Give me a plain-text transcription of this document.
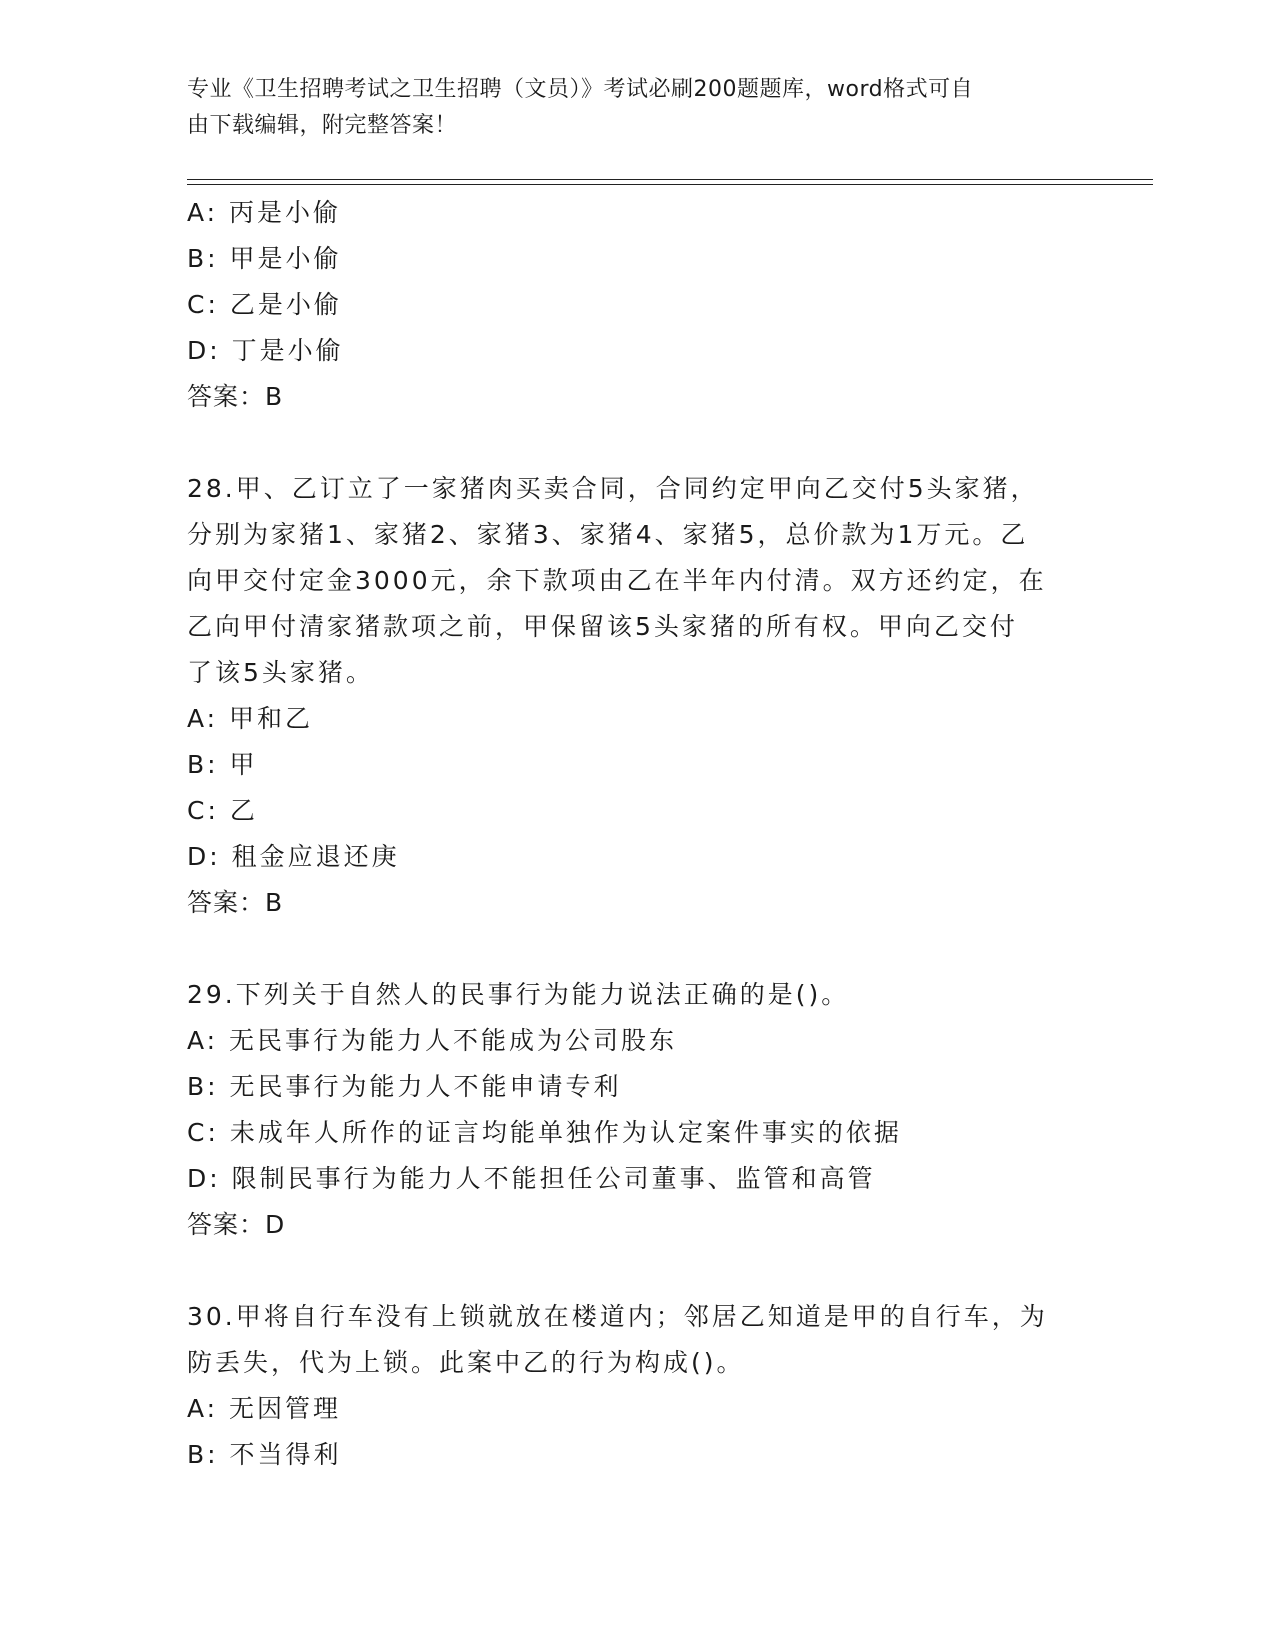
专业《卫生招聘考试之卫生招聘（文员）》考试必刷200题题库，word格式可自
由下载编辑，附完整答案！
A: 丙是小偷
B: 甲是小偷
C: 乙是小偷
D: 丁是小偷
答案：B
28.甲、乙订立了一家猪肉买卖合同，合同约定甲向乙交付5头家猪，
分别为家猪1、家猪2、家猪3、家猪4、家猪5，总价款为1万元。乙
向甲交付定金3000元，余下款项由乙在半年内付清。双方还约定，在
乙向甲付清家猪款项之前，甲保留该5头家猪的所有权。甲向乙交付
了该5头家猪。
A: 甲和乙
B: 甲
C: 乙
D: 租金应退还庚
答案：B
29.下列关于自然人的民事行为能力说法正确的是()。
A: 无民事行为能力人不能成为公司股东
B: 无民事行为能力人不能申请专利
C: 未成年人所作的证言均能单独作为认定案件事实的依据
D: 限制民事行为能力人不能担任公司董事、监管和高管
答案：D
30.甲将自行车没有上锁就放在楼道内；邻居乙知道是甲的自行车，为
防丢失，代为上锁。此案中乙的行为构成()。
A: 无因管理
B: 不当得利
